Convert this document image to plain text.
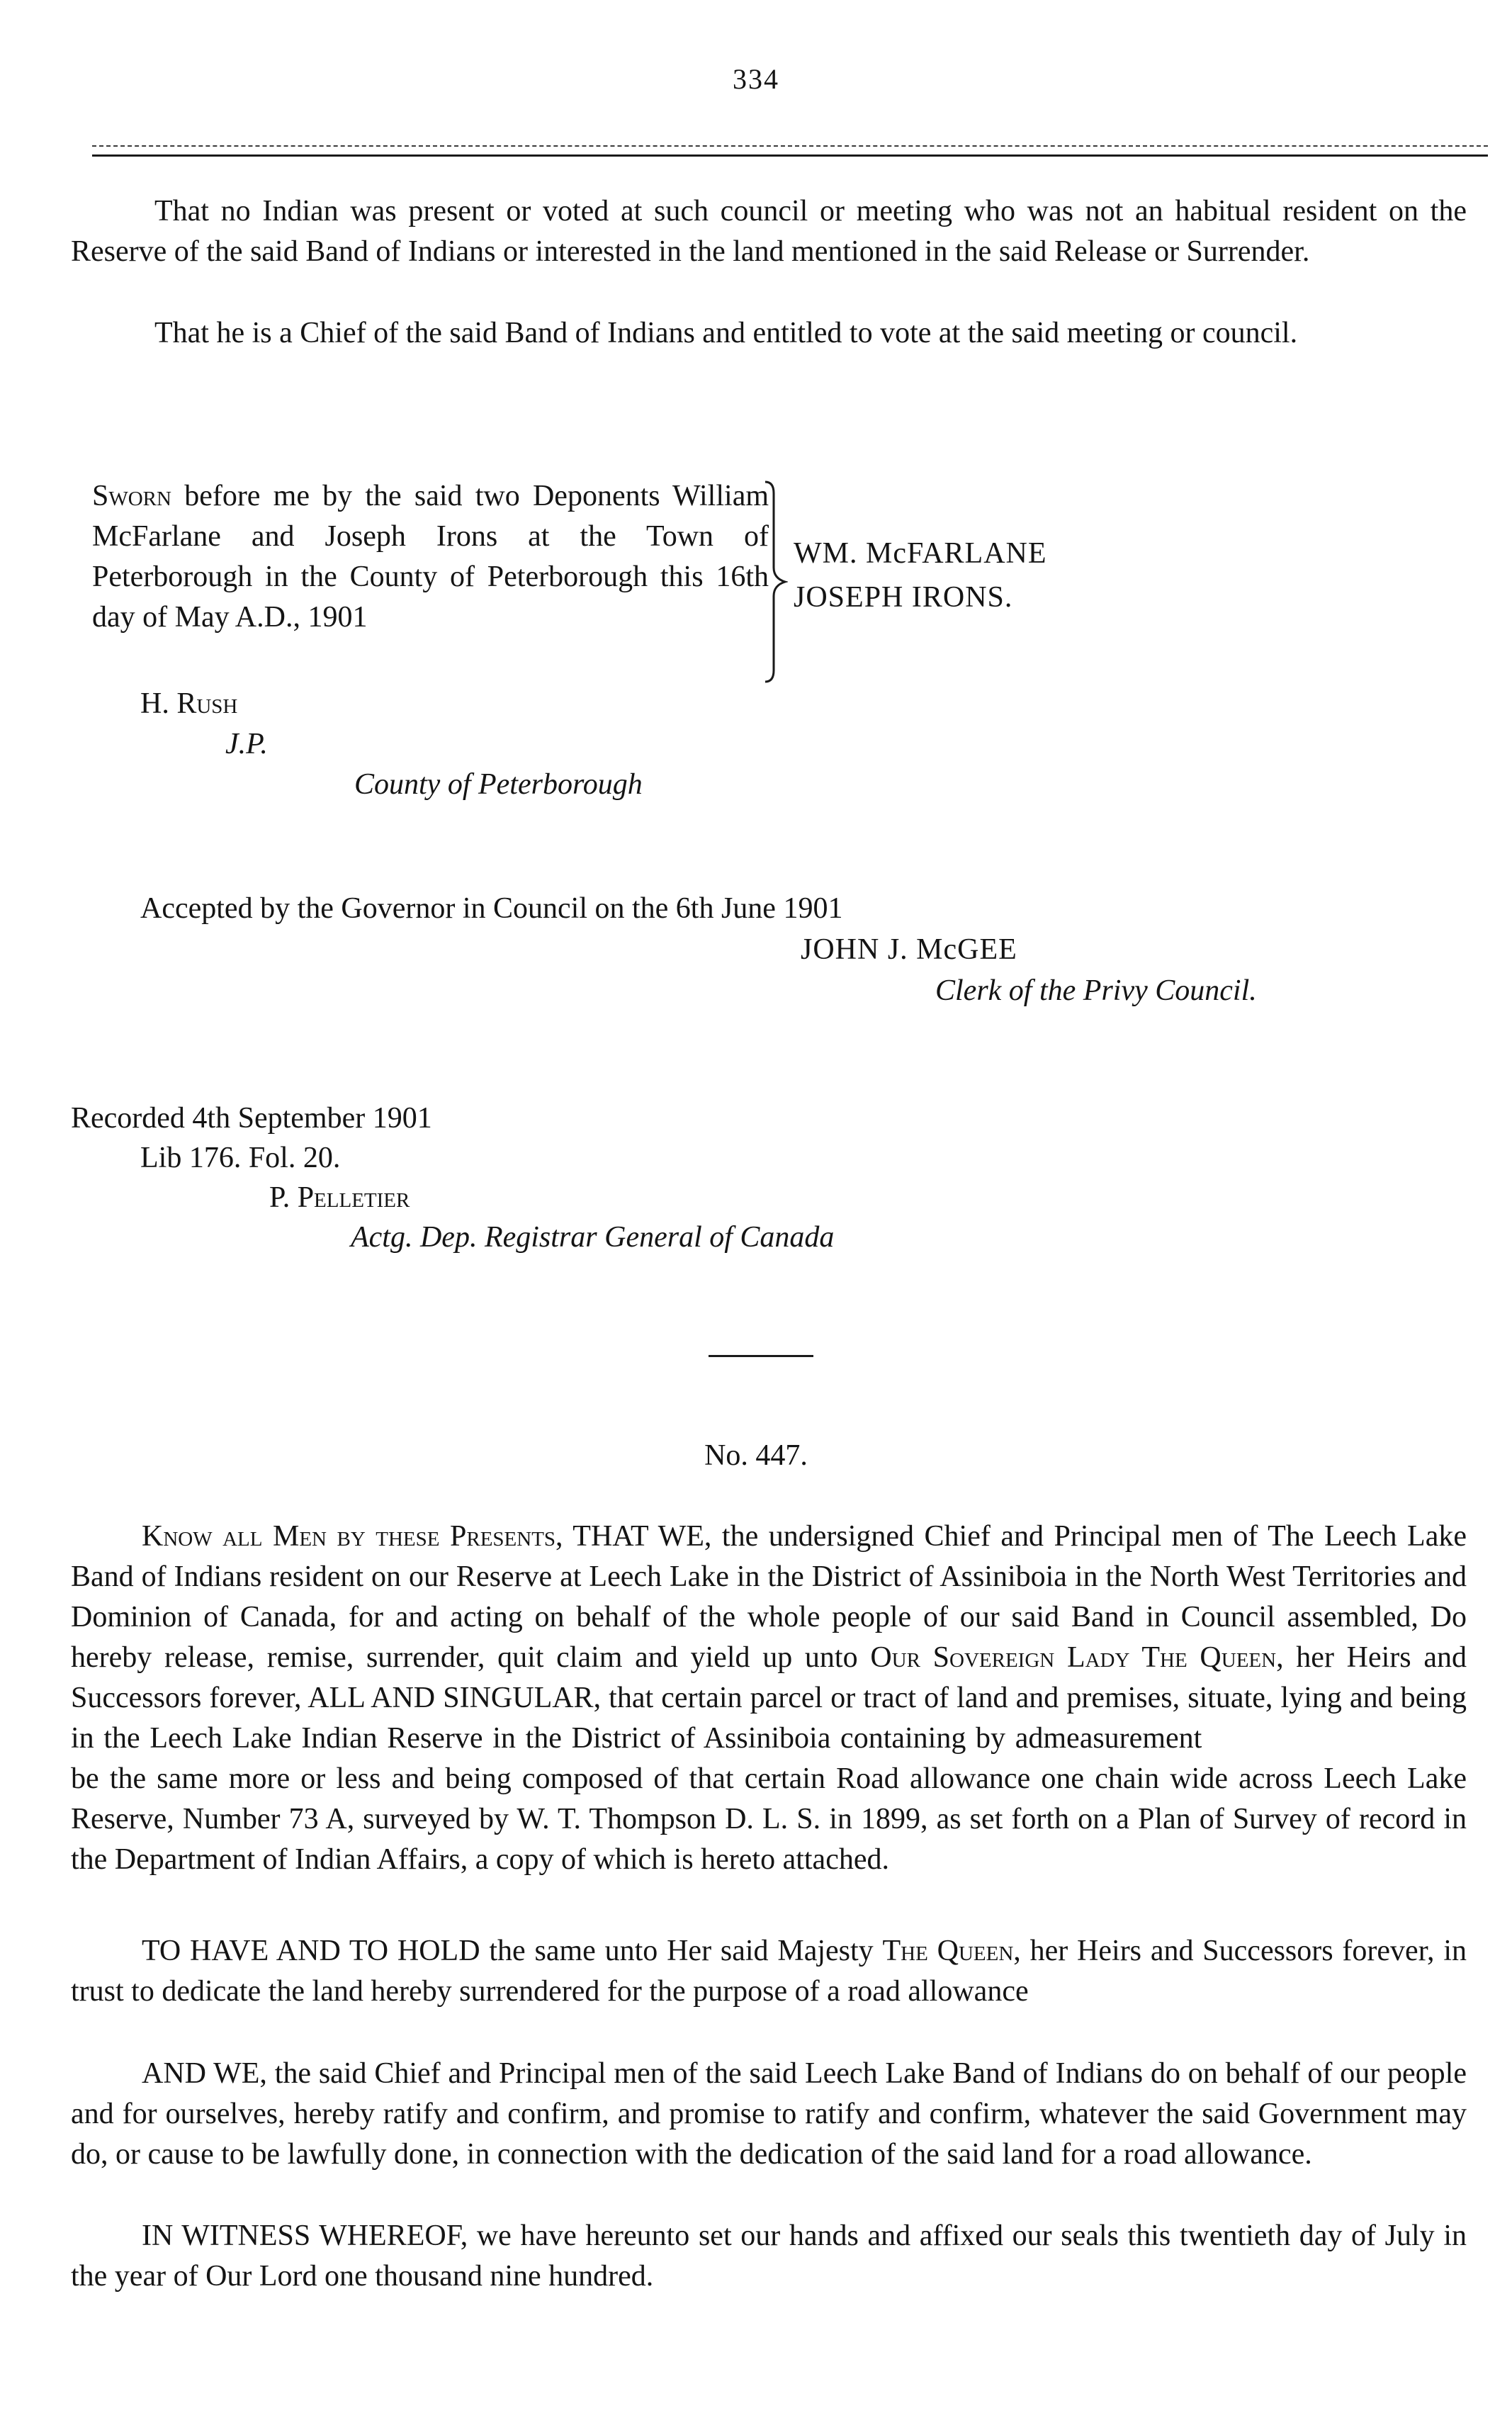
334

That no Indian was present or voted at such council or meeting who was not an habitual resident on the Reserve of the said Band of Indians or interested in the land mentioned in the said Release or Surrender.

That he is a Chief of the said Band of Indians and entitled to vote at the said meeting or council.

Sworn before me by the said two Deponents William McFarlane and Joseph Irons at the Town of Peterborough in the County of Peterborough this 16th day of May A.D., 1901

WM. McFARLANE
JOSEPH IRONS.
H. Rush
J.P.
County of Peterborough
Accepted by the Governor in Council on the 6th June 1901
JOHN J. McGEE
Clerk of the Privy Council.
Recorded 4th September 1901
Lib 176. Fol. 20.
P. Pelletier
Actg. Dep. Registrar General of Canada
No. 447.

Know all Men by these Presents, THAT WE, the undersigned Chief and Principal men of The Leech Lake Band of Indians resident on our Reserve at Leech Lake in the District of Assiniboia in the North West Territories and Dominion of Canada, for and acting on behalf of the whole people of our said Band in Council assembled, Do hereby release, remise, surrender, quit claim and yield up unto Our Sovereign Lady The Queen, her Heirs and Successors forever, ALL AND SINGULAR, that certain parcel or tract of land and premises, situate, lying and being in the Leech Lake Indian Reserve in the District of Assiniboia containing by admeasurement  be the same more or less and being composed of that certain Road allowance one chain wide across Leech Lake Reserve, Number 73 A, surveyed by W. T. Thompson D. L. S. in 1899, as set forth on a Plan of Survey of record in the Department of Indian Affairs, a copy of which is hereto attached.

TO HAVE AND TO HOLD the same unto Her said Majesty The Queen, her Heirs and Successors forever, in trust to dedicate the land hereby surrendered for the purpose of a road allowance

AND WE, the said Chief and Principal men of the said Leech Lake Band of Indians do on behalf of our people and for ourselves, hereby ratify and confirm, and promise to ratify and confirm, whatever the said Government may do, or cause to be lawfully done, in connection with the dedication of the said land for a road allowance.

IN WITNESS WHEREOF, we have hereunto set our hands and affixed our seals this twentieth day of July in the year of Our Lord one thousand nine hundred.
